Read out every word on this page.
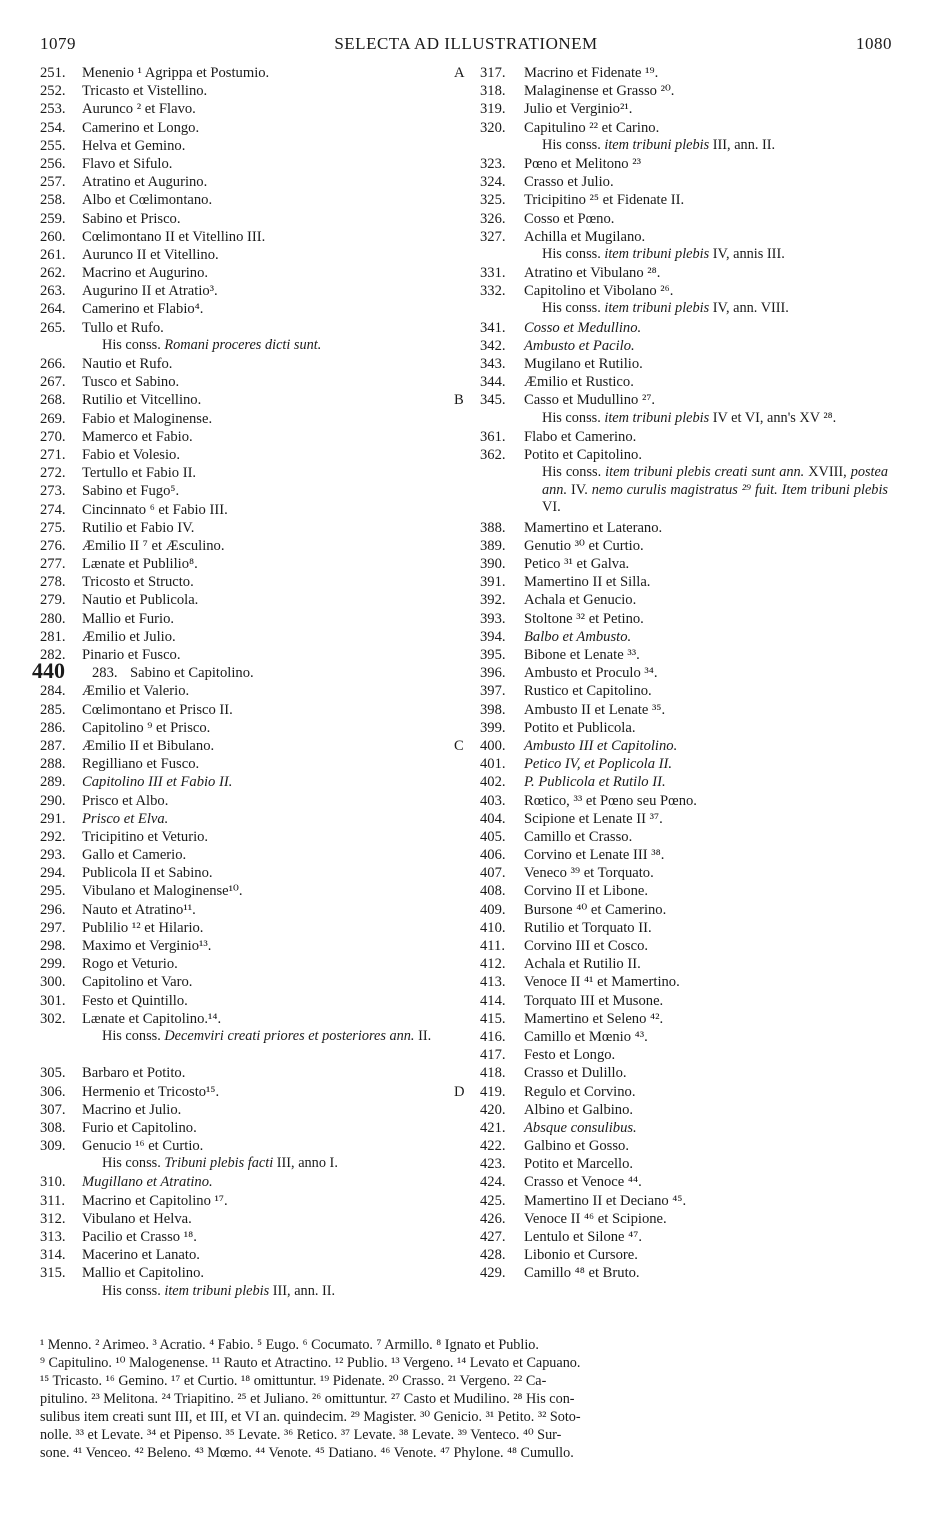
1079	SELECTA AD ILLUSTRATIONEM	1080
251. Menenio ¹ Agrippa et Postumio.
252. Tricasto et Vistellino.
253. Aurunco ² et Flavo.
254. Camerino et Longo.
255. Helva et Gemino.
256. Flavo et Sifulo.
257. Atratino et Augurino.
258. Albo et Cœlimontano.
259. Sabino et Prisco.
260. Cœlimontano II et Vitellino III.
261. Aurunco II et Vitellino.
262. Macrino et Augurino.
263. Augurino II et Atratio³.
264. Camerino et Flabio⁴.
265. Tullo et Rufo.
His conss. Romani proceres dicti sunt.
266. Nautio et Rufo.
267. Tusco et Sabino.
268. Rutilio et Vitcellino.
269. Fabio et Maloginense.
270. Mamerco et Fabio.
271. Fabio et Volesio.
272. Tertullo et Fabio II.
273. Sabino et Fugo⁵.
274. Cincinnato ⁶ et Fabio III.
275. Rutilio et Fabio IV.
276. Æmilio II ⁷ et Æsculino.
277. Lænate et Publilio⁸.
278. Tricosto et Structo.
279. Nautio et Publicola.
280. Mallio et Furio.
281. Æmilio et Julio.
282. Pinario et Fusco.
440 283. Sabino et Capitolino.
284. Æmilio et Valerio.
285. Cœlimontano et Prisco II.
286. Capitolino ⁹ et Prisco.
287. Æmilio II et Bibulano.
288. Regilliano et Fusco.
289. Capitolino III et Fabio II.
290. Prisco et Albo.
291. Prisco et Elva.
292. Tricipitino et Veturio.
293. Gallo et Camerio.
294. Publicola II et Sabino.
295. Vibulano et Maloginense¹⁰.
296. Nauto et Atratino¹¹.
297. Publilio ¹² et Hilario.
298. Maximo et Verginio¹³.
299. Rogo et Veturio.
300. Capitolino et Varo.
301. Festo et Quintillo.
302. Lænate et Capitolino.¹⁴.
His conss. Decemviri creati priores et posteriores ann. II.
305. Barbaro et Potito.
306. Hermenio et Tricosto¹⁵.
307. Macrino et Julio.
308. Furio et Capitolino.
309. Genucio ¹⁶ et Curtio.
His conss. Tribuni plebis facti III, anno I.
310. Mugillano et Atratino.
311. Macrino et Capitolino ¹⁷.
312. Vibulano et Helva.
313. Pacilio et Crasso ¹⁸.
314. Macerino et Lanato.
315. Mallio et Capitolino.
His conss. item tribuni plebis III, ann. II.
A 317. Macrino et Fidenate ¹⁹.
318. Malaginense et Grasso ²⁰.
319. Julio et Verginio²¹.
320. Capitulino ²² et Carino.
His conss. item tribuni plebis III, ann. II.
323. Pœno et Melitono ²³
324. Crasso et Julio.
325. Tricipitino ²⁵ et Fidenate II.
326. Cosso et Pœno.
327. Achilla et Mugilano.
His conss. item tribuni plebis IV, annis III.
331. Atratino et Vibulano ²⁸.
332. Capitolino et Vibolano ²⁶.
His conss. item tribuni plebis IV, ann. VIII.
341. Cosso et Medullino.
342. Ambusto et Pacilo.
343. Mugilano et Rutilio.
344. Æmilio et Rustico.
B 345. Casso et Mudullino ²⁷.
His conss. item tribuni plebis IV et VI, ann's XV ²⁸.
361. Flabo et Camerino.
362. Potito et Capitolino.
His conss. item tribuni plebis creati sunt ann. XVIII, postea ann. IV. nemo curulis magistratus ²⁹ fuit. Item tribuni plebis VI.
388. Mamertino et Laterano.
389. Genutio ³⁰ et Curtio.
390. Petico ³¹ et Galva.
391. Mamertino II et Silla.
392. Achala et Genucio.
393. Stoltone ³² et Petino.
394. Balbo et Ambusto.
395. Bibone et Lenate ³³.
396. Ambusto et Proculo ³⁴.
397. Rustico et Capitolino.
398. Ambusto II et Lenate ³⁵.
399. Potito et Publicola.
C 400. Ambusto III et Capitolino.
401. Petico IV, et Poplicola II.
402. P. Publicola et Rutilo II.
403. Rœtico, ³³ et Pœno seu Pœno.
404. Scipione et Lenate II ³⁷.
405. Camillo et Crasso.
406. Corvino et Lenate III ³⁸.
407. Veneco ³⁹ et Torquato.
408. Corvino II et Libone.
409. Bursone ⁴⁰ et Camerino.
410. Rutilio et Torquato II.
411. Corvino III et Cosco.
412. Achala et Rutilio II.
413. Venoce II ⁴¹ et Mamertino.
414. Torquato III et Musone.
415. Mamertino et Seleno ⁴².
416. Camillo et Mœnio ⁴³.
417. Festo et Longo.
418. Crasso et Dulillo.
D 419. Regulo et Corvino.
420. Albino et Galbino.
421. Absque consulibus.
422. Galbino et Gosso.
423. Potito et Marcello.
424. Crasso et Venoce ⁴⁴.
425. Mamertino II et Deciano ⁴⁵.
426. Venoce II ⁴⁶ et Scipione.
427. Lentulo et Silone ⁴⁷.
428. Libonio et Cursore.
429. Camillo ⁴⁸ et Bruto.
¹ Menno. ² Arimeo. ³ Acratio. ⁴ Fabio. ⁵ Eugo. ⁶ Cocumato. ⁷ Armillo. ⁸ Ignato et Publio.
⁹ Capitulino. ¹⁰ Malogenense. ¹¹ Rauto et Atractino. ¹² Publio. ¹³ Vergeno. ¹⁴ Levato et Capuano.
¹⁵ Tricasto. ¹⁶ Gemino. ¹⁷ et Curtio. ¹⁸ omittuntur. ¹⁹ Pidenate. ²⁰ Crasso. ²¹ Vergeno. ²² Ca-
pitulino. ²³ Melitona. ²⁴ Triapitino. ²⁵ et Juliano. ²⁶ omittuntur. ²⁷ Casto et Mudilino. ²⁸ His con-
sulibus item creati sunt III, et III, et VI an. quindecim. ²⁹ Magister. ³⁰ Genicio. ³¹ Petito. ³² Soto-
nolle. ³³ et Levate. ³⁴ et Pipenso. ³⁵ Levate. ³⁶ Retico. ³⁷ Levate. ³⁸ Levate. ³⁹ Venteco. ⁴⁰ Sur-
sone. ⁴¹ Venceo. ⁴² Beleno. ⁴³ Mœmo. ⁴⁴ Venote. ⁴⁵ Datiano. ⁴⁶ Venote. ⁴⁷ Phylone. ⁴⁸ Cumullo.
